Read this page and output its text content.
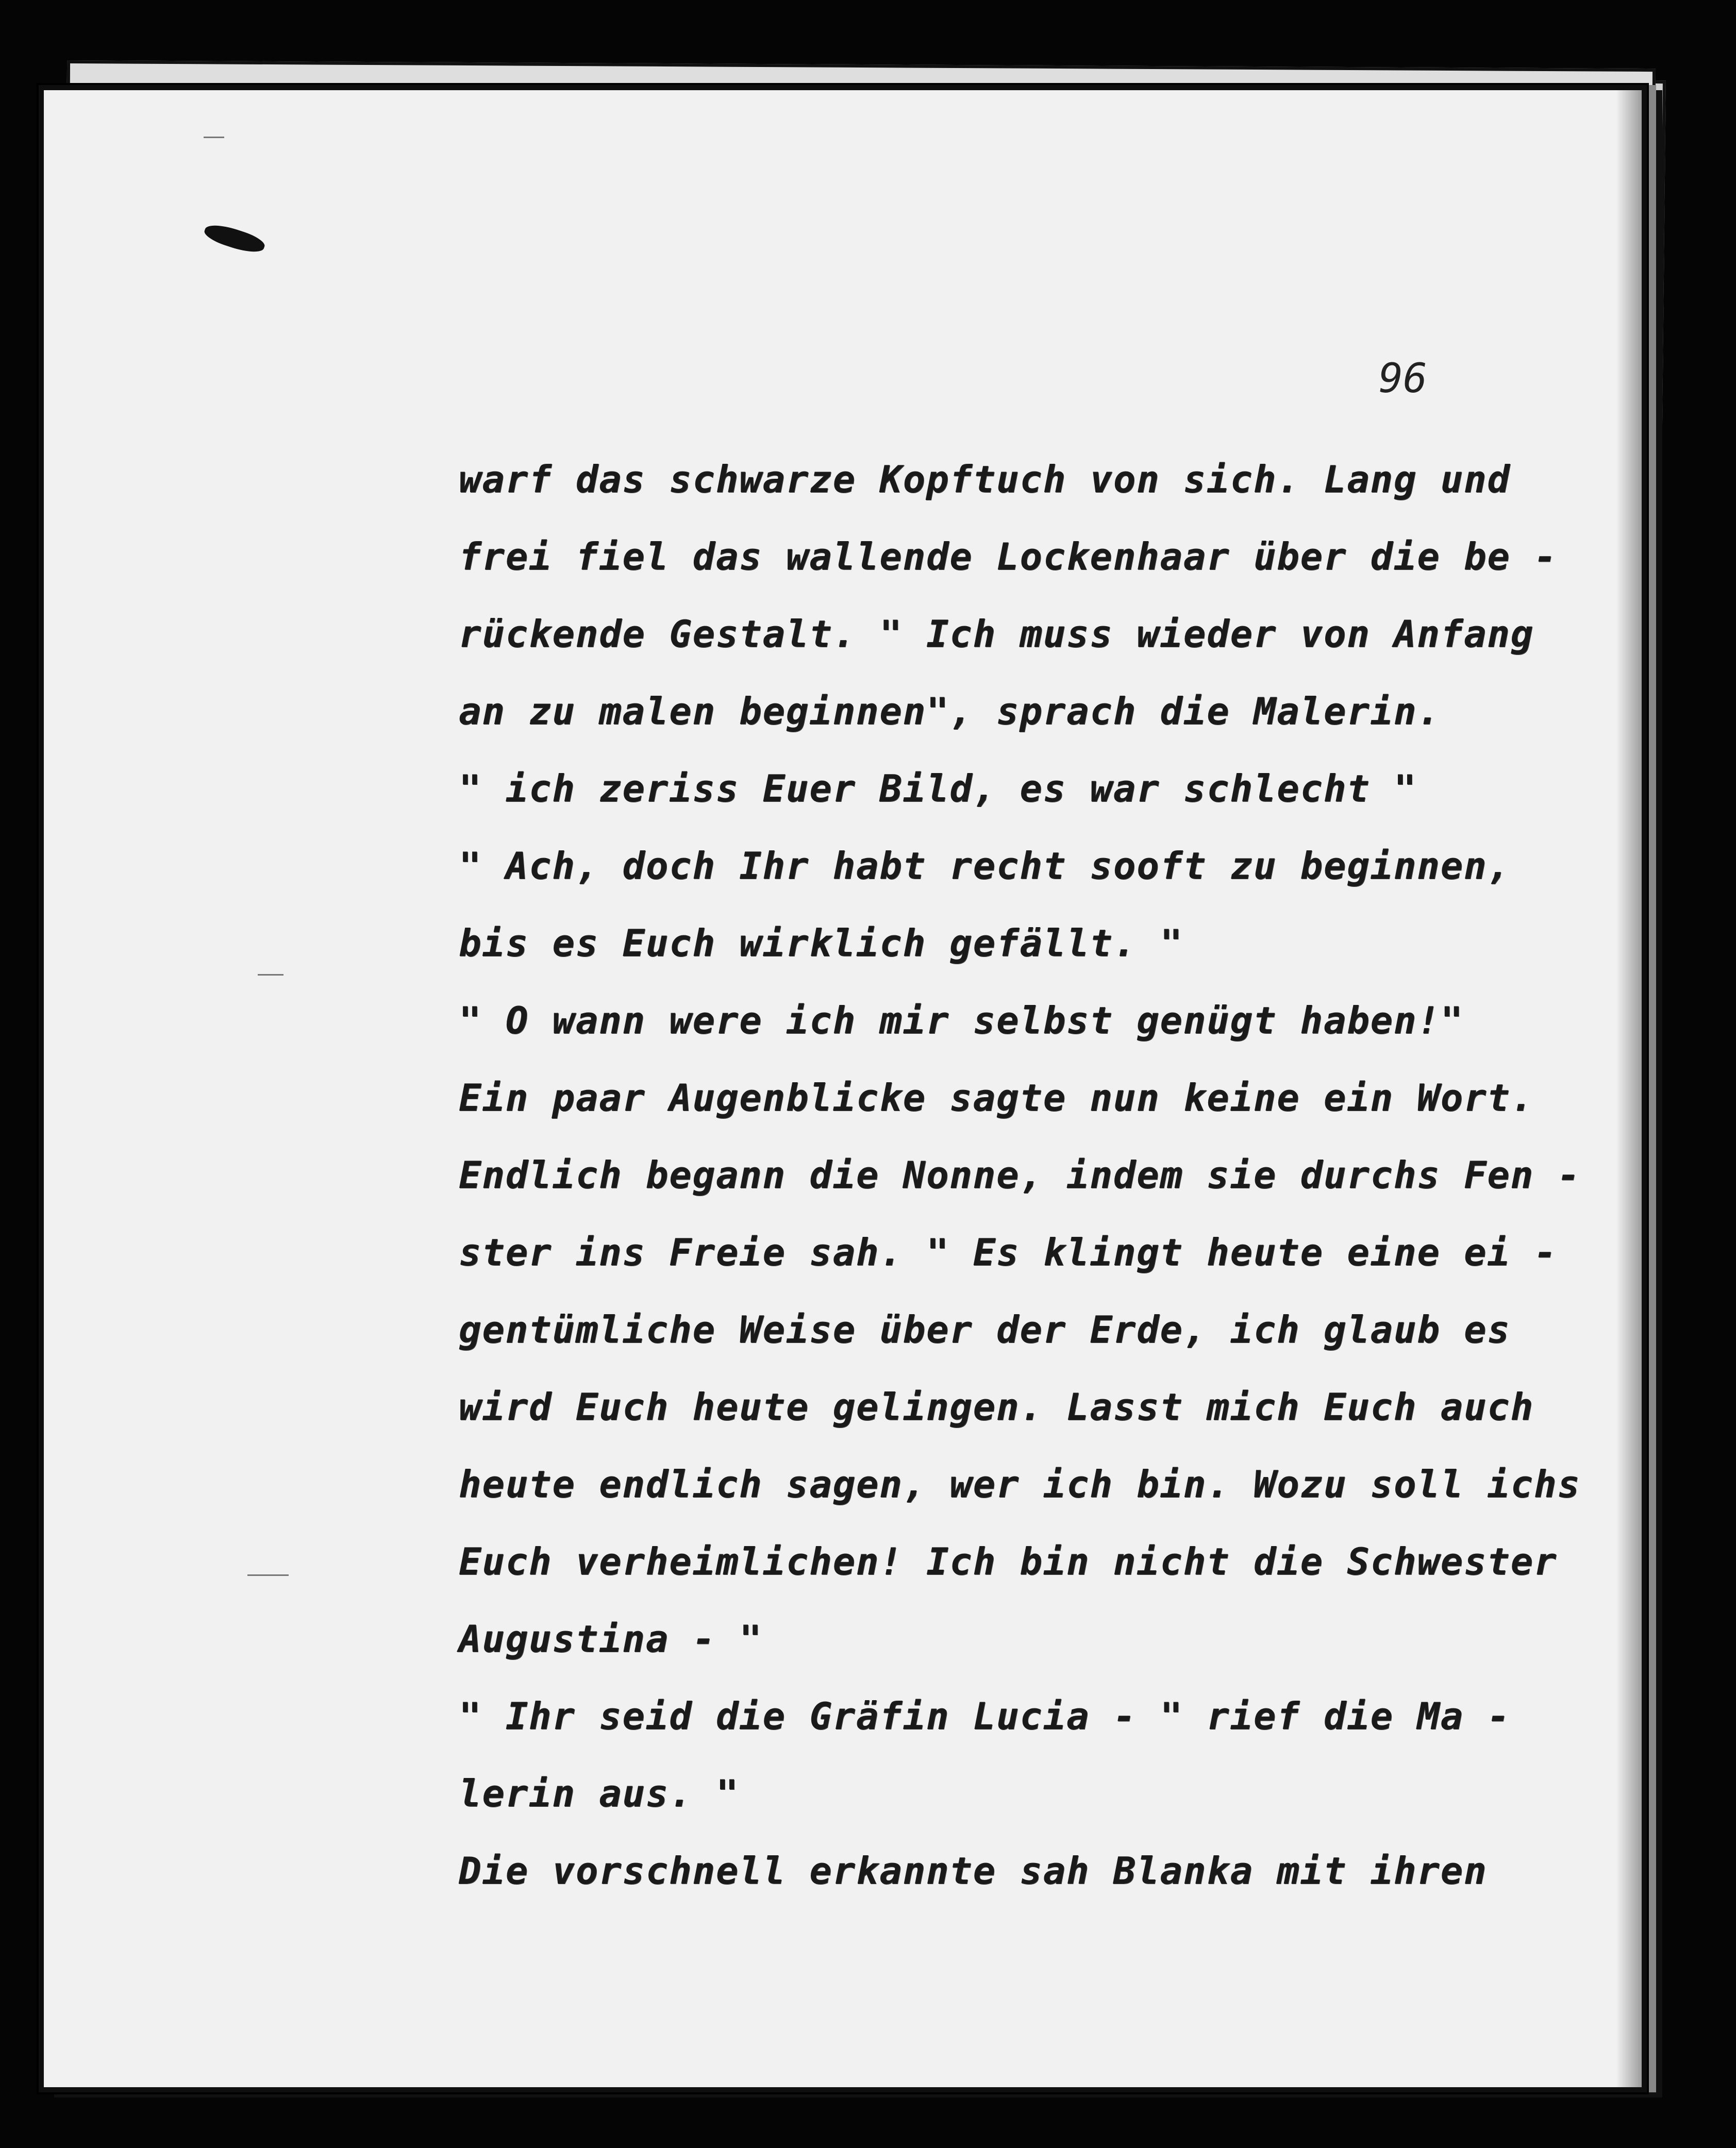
96
warf das schwarze Kopftuch von sich. Lang und
frei fiel das wallende Lockenhaar über die be -
rückende Gestalt. " Ich muss wieder von Anfang
an zu malen beginnen", sprach die Malerin.
" ich zeriss Euer Bild, es war schlecht "
" Ach, doch Ihr habt recht sooft zu beginnen,
bis es Euch wirklich gefällt. "
" O wann were ich mir selbst genügt haben!"
Ein paar Augenblicke sagte nun keine ein Wort.
Endlich begann die Nonne, indem sie durchs Fen -
ster ins Freie sah. " Es klingt heute eine ei -
gentümliche Weise über der Erde, ich glaub es
wird Euch heute gelingen. Lasst mich Euch auch
heute endlich sagen, wer ich bin. Wozu soll ichs
Euch verheimlichen! Ich bin nicht die Schwester
Augustina - "
" Ihr seid die Gräfin Lucia - " rief die Ma -
lerin aus. "
Die vorschnell erkannte sah Blanka mit ihren
